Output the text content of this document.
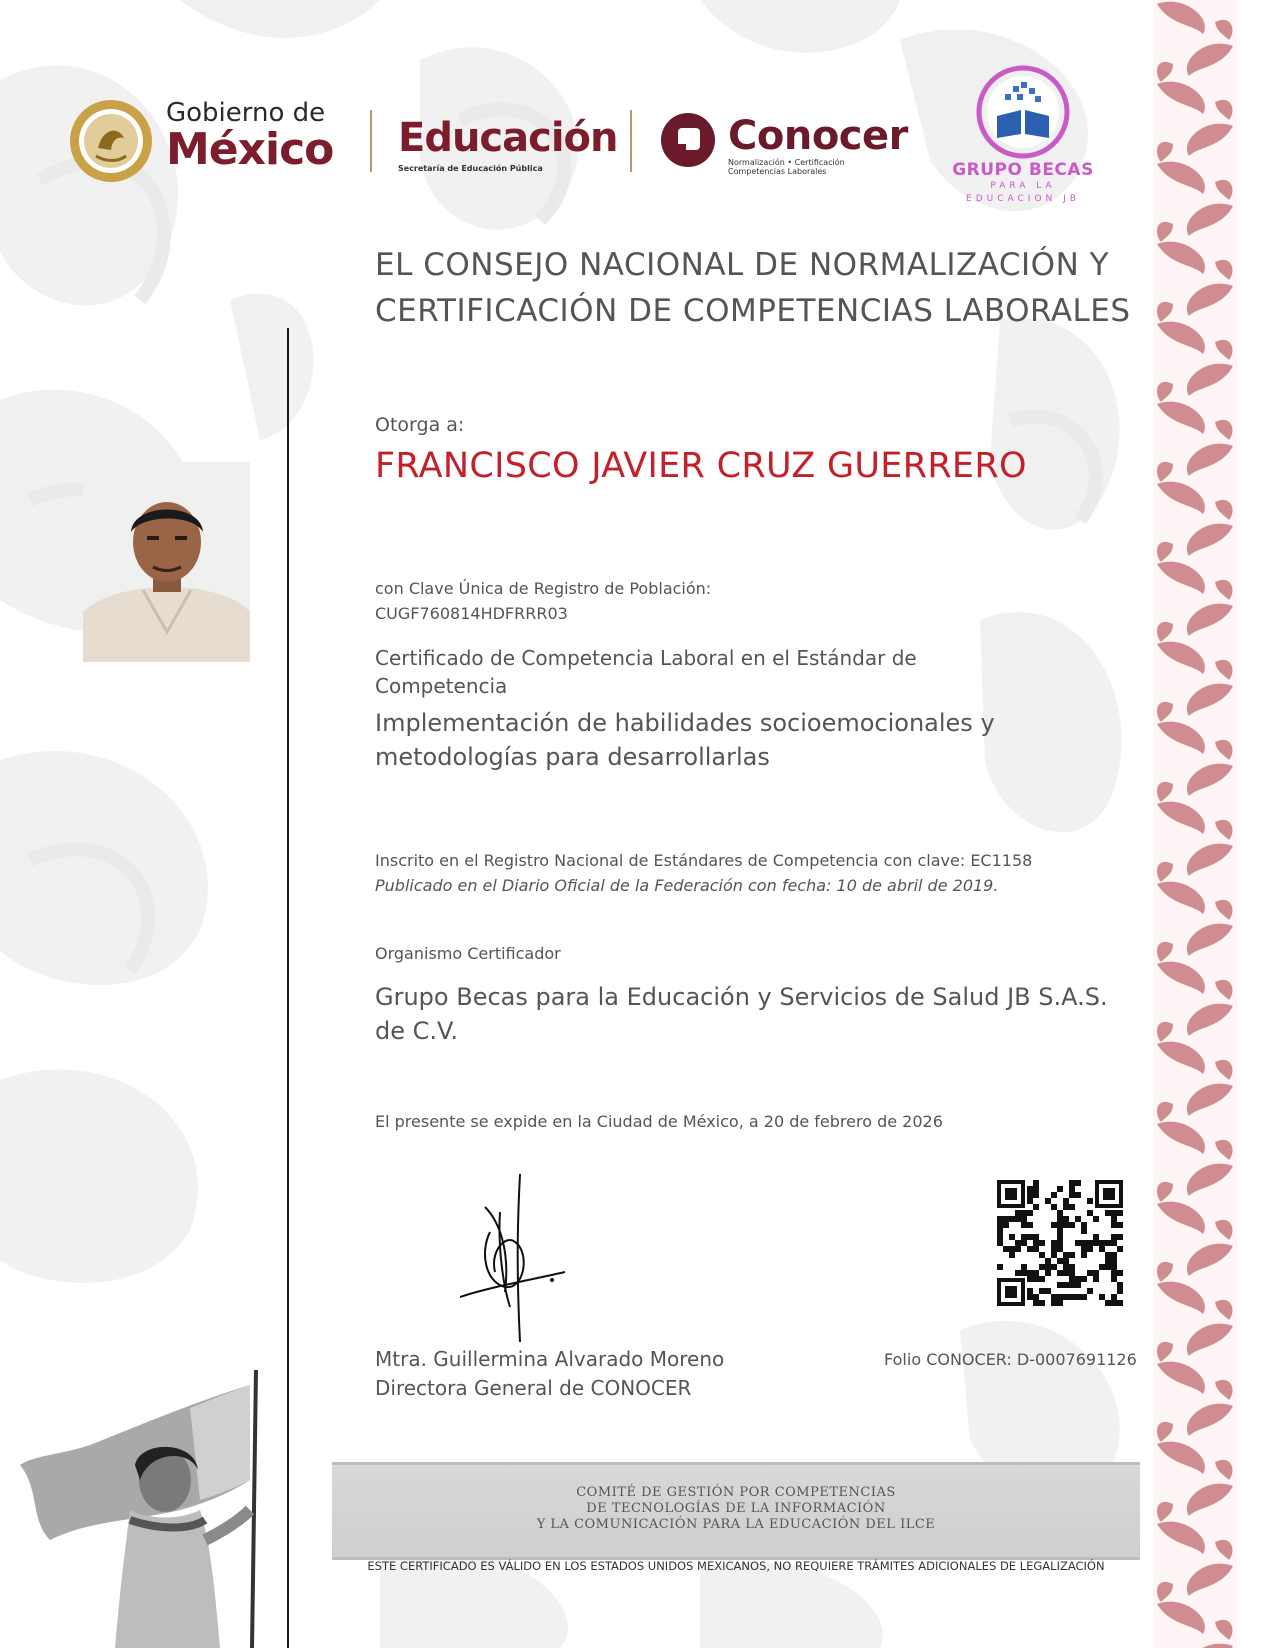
Gobierno de
México Educación
Secretaría de Educación Pública
Conocer
Normalización • Certificación
Competencias Laborales	GRUPO BECAS
PARA LA
EDUCACION JB
EL CONSEJO NACIONAL DE NORMALIZACIÓN Y
CERTIFICACIÓN DE COMPETENCIAS LABORALES
Otorga a:
FRANCISCO JAVIER CRUZ GUERRERO
con Clave Única de Registro de Población:
CUGF760814HDFRRR03
Certificado de Competencia Laboral en el Estándar de Competencia
Implementación de habilidades socioemocionales y metodologías para desarrollarlas
Inscrito en el Registro Nacional de Estándares de Competencia con clave: EC1158
Publicado en el Diario Oficial de la Federación con fecha: 10 de abril de 2019.
Organismo Certificador
Grupo Becas para la Educación y Servicios de Salud JB S.A.S. de C.V.
El presente se expide en la Ciudad de México, a 20 de febrero de 2026
Mtra. Guillermina Alvarado Moreno
Directora General de CONOCER
Folio CONOCER: D-0007691126
COMITÉ DE GESTIÓN POR COMPETENCIAS
DE TECNOLOGÍAS DE LA INFORMACIÓN
Y LA COMUNICACIÓN PARA LA EDUCACIÓN DEL ILCE
ESTE CERTIFICADO ES VÁLIDO EN LOS ESTADOS UNIDOS MEXICANOS, NO REQUIERE TRÁMITES ADICIONALES DE LEGALIZACIÓN
